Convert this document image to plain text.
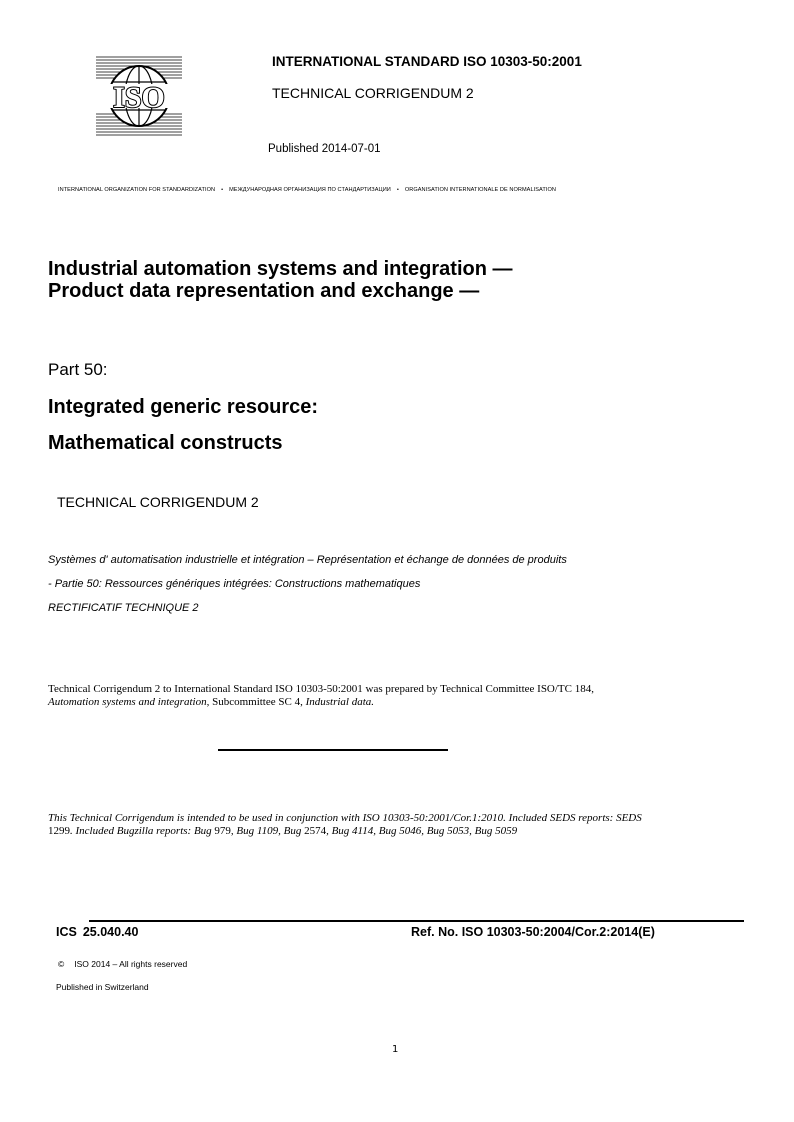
ISO
INTERNATIONAL STANDARD ISO 10303-50:2001
TECHNICAL CORRIGENDUM 2
Published 2014-07-01
INTERNATIONAL ORGANIZATION FOR STANDARDIZATION • МЕЖДУНАРОДНАЯ ОРГАНИЗАЦИЯ ПО СТАНДАРТИЗАЦИИ • ORGANISATION INTERNATIONALE DE NORMALISATION
Industrial automation systems and integration —
Product data representation and exchange —
Part 50:
Integrated generic resource:
Mathematical constructs
TECHNICAL CORRIGENDUM 2
Systèmes d' automatisation industrielle et intégration – Représentation et échange de données de produits
- Partie 50: Ressources génériques intégrées: Constructions mathematiques
RECTIFICATIF TECHNIQUE 2
Technical Corrigendum 2 to International Standard ISO 10303-50:2001 was prepared by Technical Committee ISO/TC 184,
Automation systems and integration, Subcommittee SC 4, Industrial data.
This Technical Corrigendum is intended to be used in conjunction with ISO 10303-50:2001/Cor.1:2010. Included SEDS reports: SEDS
1299. Included Bugzilla reports: Bug 979, Bug 1109, Bug 2574, Bug 4114, Bug 5046, Bug 5053, Bug 5059
ICS 25.040.40	Ref. No. ISO 10303-50:2004/Cor.2:2014(E)
© ISO 2014 – All rights reserved
Published in Switzerland
1
